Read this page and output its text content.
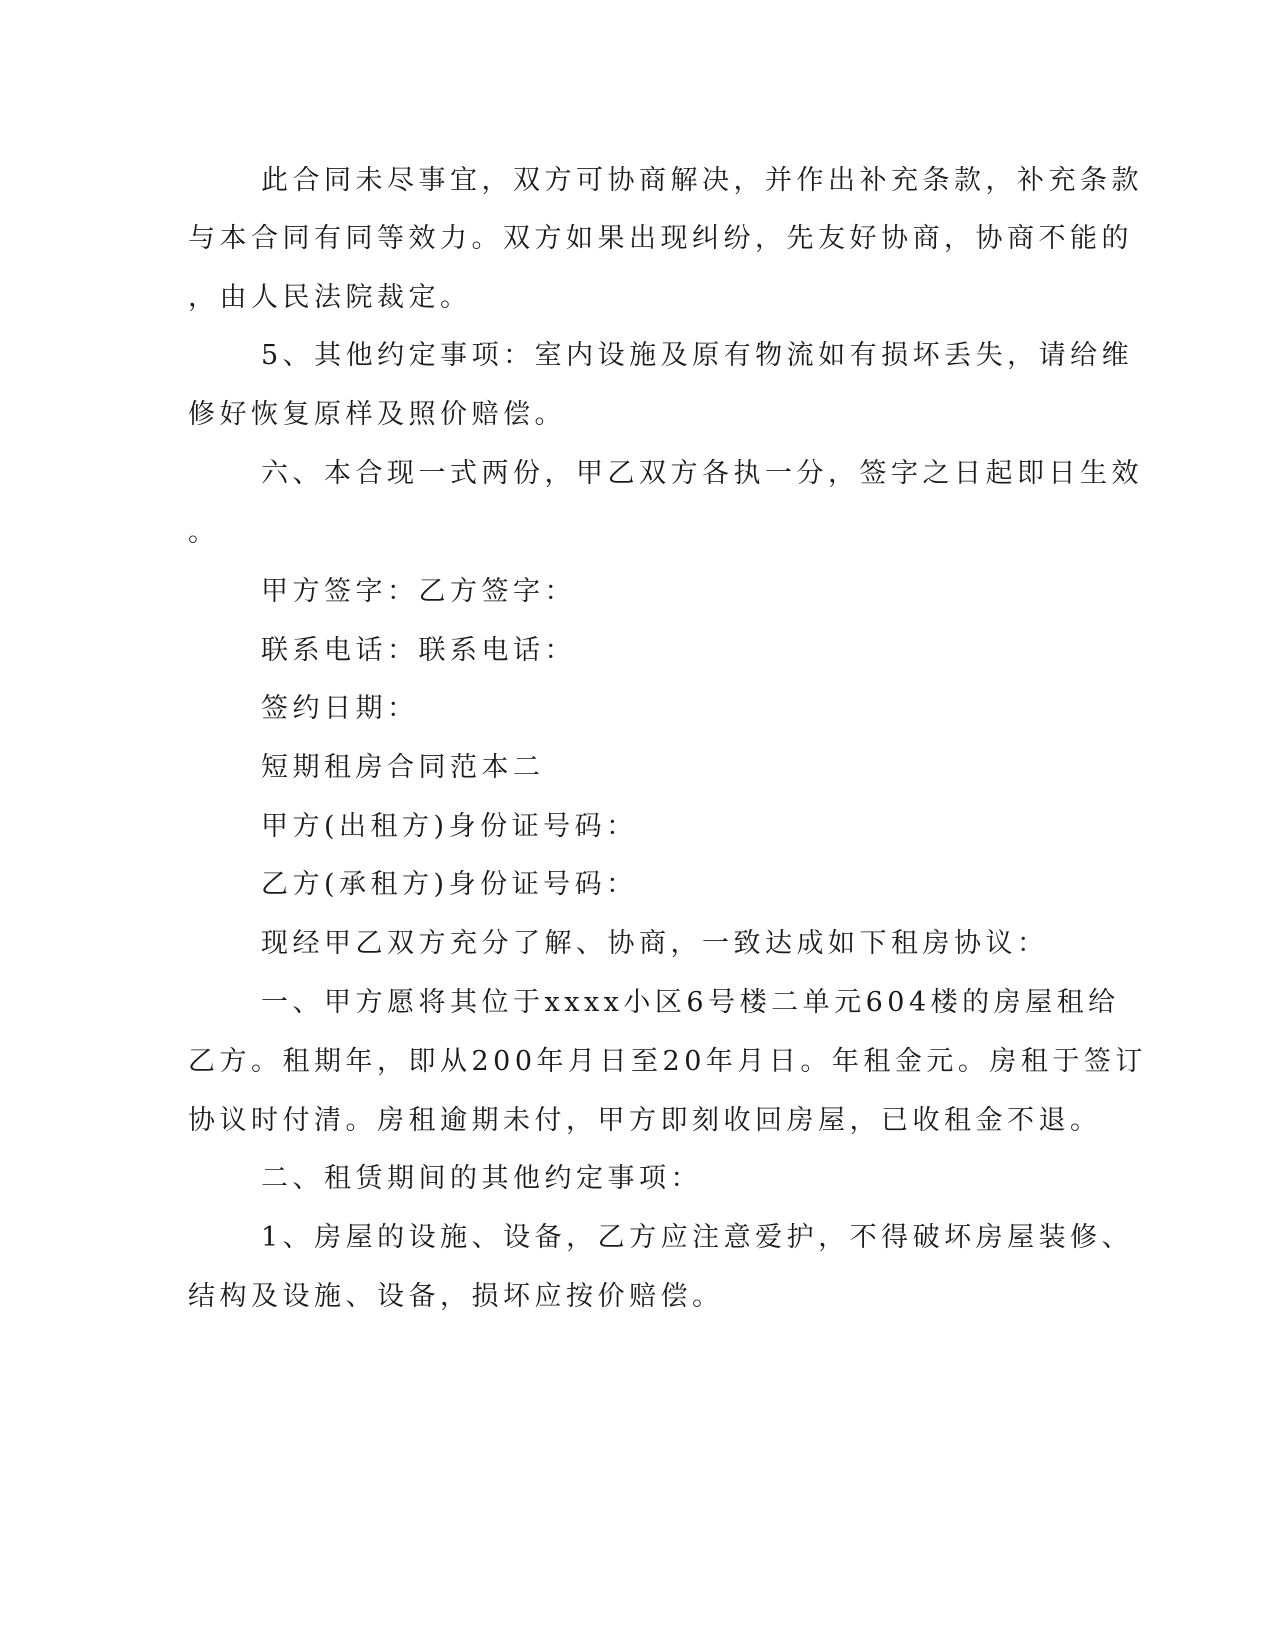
此合同未尽事宜，双方可协商解决，并作出补充条款，补充条款

与本合同有同等效力。双方如果出现纠纷，先友好协商，协商不能的

，由人民法院裁定。

5、其他约定事项：室内设施及原有物流如有损坏丢失，请给维

修好恢复原样及照价赔偿。

六、本合现一式两份，甲乙双方各执一分，签字之日起即日生效

。

甲方签字：乙方签字：

联系电话：联系电话：

签约日期：

短期租房合同范本二

甲方(出租方)身份证号码：

乙方(承租方)身份证号码：

现经甲乙双方充分了解、协商，一致达成如下租房协议：

一、甲方愿将其位于xxxx小区6号楼二单元604楼的房屋租给

乙方。租期年，即从200年月日至20年月日。年租金元。房租于签订

协议时付清。房租逾期未付，甲方即刻收回房屋，已收租金不退。

二、租赁期间的其他约定事项：

1、房屋的设施、设备，乙方应注意爱护，不得破坏房屋装修、

结构及设施、设备，损坏应按价赔偿。
